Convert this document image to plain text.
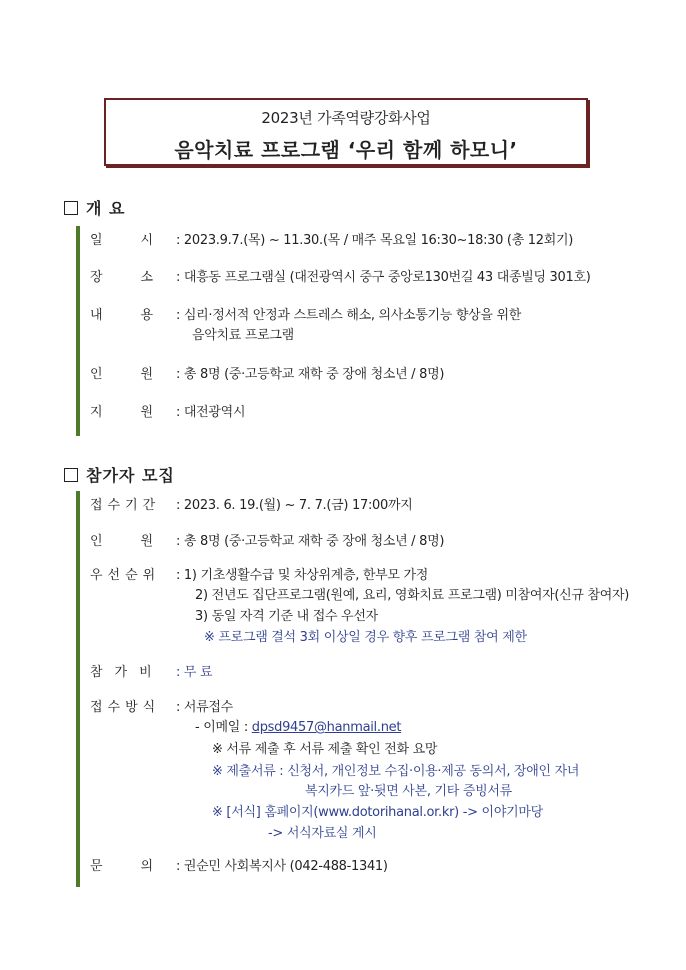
2023년 가족역량강화사업
음악치료 프로그램 ‘우리 함께 하모니’
개 요
일시
: 2023.9.7.(목) ~ 11.30.(목 / 매주 목요일 16:30~18:30 (총 12회기)
장소
: 대흥동 프로그램실 (대전광역시 중구 중앙로130번길 43 대종빌딩 301호)
내용
: 심리·정서적 안정과 스트레스 해소, 의사소통기능 향상을 위한
음악치료 프로그램
인원
: 총 8명 (중·고등학교 재학 중 장애 청소년 / 8명)
지원
: 대전광역시
참가자 모집
접수기간 : 2023. 6. 19.(월) ~ 7. 7.(금) 17:00까지
인원
: 총 8명 (중·고등학교 재학 중 장애 청소년 / 8명)
우선순위 : 1) 기초생활수급 및 차상위계층, 한부모 가정
2) 전년도 집단프로그램(원예, 요리, 영화치료 프로그램) 미참여자(신규 참여자)
3) 동일 자격 기준 내 접수 우선자
※ 프로그램 결석 3회 이상일 경우 향후 프로그램 참여 제한
참가비 : 무 료
접수방식 : 서류접수
- 이메일 : dpsd9457@hanmail.net
※ 서류 제출 후 서류 제출 확인 전화 요망
※ 제출서류 : 신청서, 개인정보 수집·이용·제공 동의서, 장애인 자녀
복지카드 앞·뒷면 사본, 기타 증빙서류
※ [서식] 홈페이지(www.dotorihanal.or.kr) -> 이야기마당
-> 서식자료실 게시
문의
: 권순민 사회복지사 (042-488-1341)
